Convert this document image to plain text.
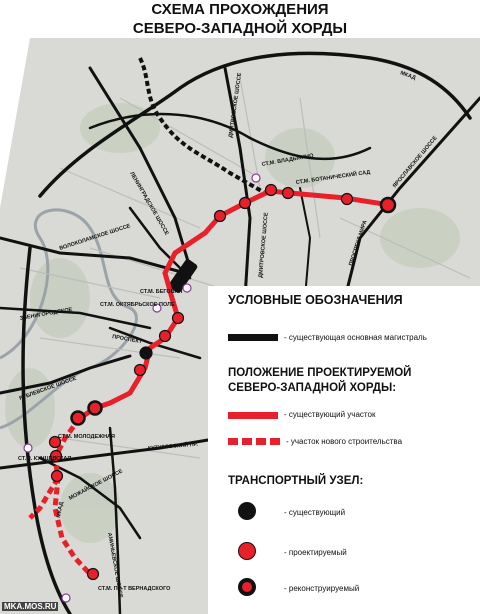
СХЕМА ПРОХОЖДЕНИЯ
СЕВЕРО-ЗАПАДНОЙ ХОРДЫ
МКАД
МКАД
ЯРОСЛАВСКОЕ ШОССЕ
ПРОСПЕКТ МИРА
ДМИТРОВСКОЕ ШОССЕ
ДМИТРОВСКОЕ ШОССЕ
ЛЕНИНГРАДСКОЕ ШОССЕ
ВОЛОКОЛАМСКОЕ ШОССЕ
ЗВЕНИГОРОДСКОЕ
ПРОСПЕКТ
РУБЛЕВСКОЕ ШОССЕ
КУТУЗОВСКИЙ ПР.
МОЖАЙСКОЕ ШОССЕ
АМИНЬЕВСКОЕ ШОССЕ
СТ.М. БОТАНИЧЕСКИЙ САД
СТ.М. ВЛАДЫКИНО
СТ.М. БЕГОВАЯ
СТ.М. ОКТЯБРЬСКОЕ ПОЛЕ
СТ.М. МОЛОДЕЖНАЯ
СТ.М. КУНЦЕВСКАЯ
СТ.М. ПР-Т ВЕРНАДСКОГО
УСЛОВНЫЕ ОБОЗНАЧЕНИЯ
- существующая основная магистраль
ПОЛОЖЕНИЕ ПРОЕКТИРУЕМОЙ
СЕВЕРО-ЗАПАДНОЙ ХОРДЫ:
- существующий участок
- участок нового строительства
ТРАНСПОРТНЫЙ УЗЕЛ:
- существующий
- проектируемый
- реконструируемый
MKA.MOS.RU
